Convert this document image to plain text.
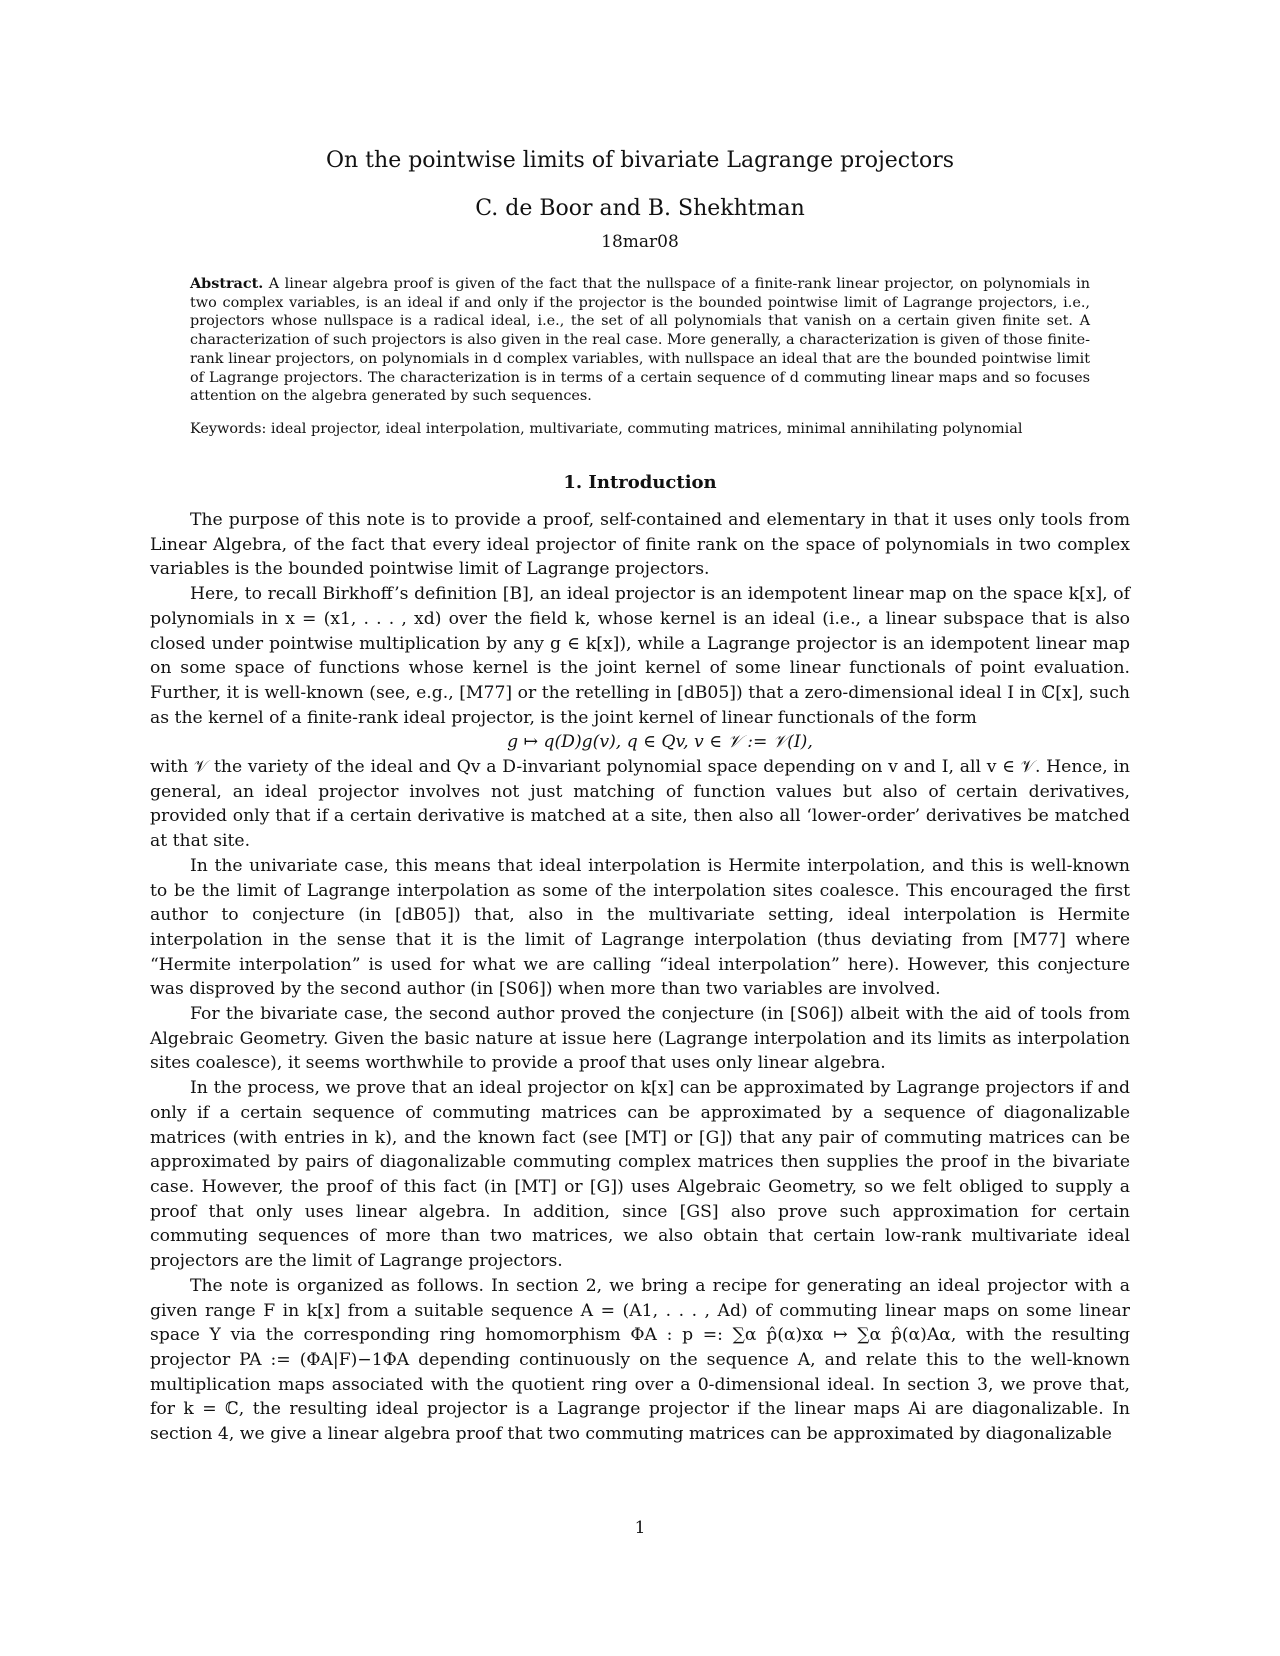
On the pointwise limits of bivariate Lagrange projectors
C. de Boor and B. Shekhtman
18mar08
Abstract. A linear algebra proof is given of the fact that the nullspace of a finite-rank linear projector, on polynomials in two complex variables, is an ideal if and only if the projector is the bounded pointwise limit of Lagrange projectors, i.e., projectors whose nullspace is a radical ideal, i.e., the set of all polynomials that vanish on a certain given finite set. A characterization of such projectors is also given in the real case. More generally, a characterization is given of those finite-rank linear projectors, on polynomials in d complex variables, with nullspace an ideal that are the bounded pointwise limit of Lagrange projectors. The characterization is in terms of a certain sequence of d commuting linear maps and so focuses attention on the algebra generated by such sequences.
Keywords: ideal projector, ideal interpolation, multivariate, commuting matrices, minimal annihilating polynomial
1. Introduction

The purpose of this note is to provide a proof, self-contained and elementary in that it uses only tools from Linear Algebra, of the fact that every ideal projector of finite rank on the space of polynomials in two complex variables is the bounded pointwise limit of Lagrange projectors.

Here, to recall Birkhoff’s definition [B], an ideal projector is an idempotent linear map on the space k[x], of polynomials in x = (x1, . . . , xd) over the field k, whose kernel is an ideal (i.e., a linear subspace that is also closed under pointwise multiplication by any g ∈ k[x]), while a Lagrange projector is an idempotent linear map on some space of functions whose kernel is the joint kernel of some linear functionals of point evaluation. Further, it is well-known (see, e.g., [M77] or the retelling in [dB05]) that a zero-dimensional ideal I in ℂ[x], such as the kernel of a finite-rank ideal projector, is the joint kernel of linear functionals of the form

g ↦ q(D)g(v), q ∈ Qv, v ∈ 𝒱 := 𝒱(I),

with 𝒱 the variety of the ideal and Qv a D-invariant polynomial space depending on v and I, all v ∈ 𝒱. Hence, in general, an ideal projector involves not just matching of function values but also of certain derivatives, provided only that if a certain derivative is matched at a site, then also all ‘lower-order’ derivatives be matched at that site.

In the univariate case, this means that ideal interpolation is Hermite interpolation, and this is well-known to be the limit of Lagrange interpolation as some of the interpolation sites coalesce. This encouraged the first author to conjecture (in [dB05]) that, also in the multivariate setting, ideal interpolation is Hermite interpolation in the sense that it is the limit of Lagrange interpolation (thus deviating from [M77] where “Hermite interpolation” is used for what we are calling “ideal interpolation” here). However, this conjecture was disproved by the second author (in [S06]) when more than two variables are involved.

For the bivariate case, the second author proved the conjecture (in [S06]) albeit with the aid of tools from Algebraic Geometry. Given the basic nature at issue here (Lagrange interpolation and its limits as interpolation sites coalesce), it seems worthwhile to provide a proof that uses only linear algebra.

In the process, we prove that an ideal projector on k[x] can be approximated by Lagrange projectors if and only if a certain sequence of commuting matrices can be approximated by a sequence of diagonalizable matrices (with entries in k), and the known fact (see [MT] or [G]) that any pair of commuting matrices can be approximated by pairs of diagonalizable commuting complex matrices then supplies the proof in the bivariate case. However, the proof of this fact (in [MT] or [G]) uses Algebraic Geometry, so we felt obliged to supply a proof that only uses linear algebra. In addition, since [GS] also prove such approximation for certain commuting sequences of more than two matrices, we also obtain that certain low-rank multivariate ideal projectors are the limit of Lagrange projectors.

The note is organized as follows. In section 2, we bring a recipe for generating an ideal projector with a given range F in k[x] from a suitable sequence A = (A1, . . . , Ad) of commuting linear maps on some linear space Y via the corresponding ring homomorphism ΦA : p =: ∑α p̂(α)xα ↦ ∑α p̂(α)Aα, with the resulting projector PA := (ΦA|F)−1ΦA depending continuously on the sequence A, and relate this to the well-known multiplication maps associated with the quotient ring over a 0-dimensional ideal. In section 3, we prove that, for k = ℂ, the resulting ideal projector is a Lagrange projector if the linear maps Ai are diagonalizable. In section 4, we give a linear algebra proof that two commuting matrices can be approximated by diagonalizable

1
